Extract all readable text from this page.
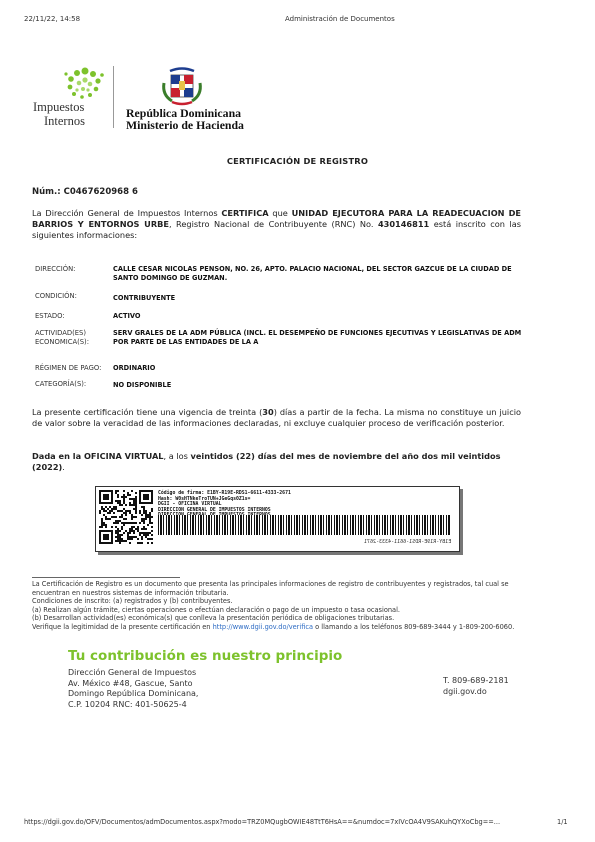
22/11/22, 14:58	Administración de Documentos
Impuestos
Internos
República Dominicana
Ministerio de Hacienda
CERTIFICACIÓN DE REGISTRO
Núm.: C0467620968 6
La Dirección General de Impuestos Internos CERTIFICA que UNIDAD EJECUTORA PARA LA READECUACION DE BARRIOS Y ENTORNOS URBE, Registro Nacional de Contribuyente (RNC) No. 430146811 está inscrito con las siguientes informaciones:
DIRECCIÓN:	CALLE CESAR NICOLAS PENSON, NO. 26, APTO. PALACIO NACIONAL, DEL SECTOR GAZCUE DE LA CIUDAD DE SANTO DOMINGO DE GUZMAN.
CONDICIÓN:	CONTRIBUYENTE
ESTADO:	ACTIVO
ACTIVIDAD(ES) ECONOMICA(S):
SERV GRALES DE LA ADM PÚBLICA (INCL. EL DESEMPEÑO DE FUNCIONES EJECUTIVAS Y LEGISLATIVAS DE ADM POR PARTE DE LAS ENTIDADES DE LA A
RÉGIMEN DE PAGO: ORDINARIO
CATEGORÍA(S):	NO DISPONIBLE
La presente certificación tiene una vigencia de treinta (30) días a partir de la fecha. La misma no constituye un juicio de valor sobre la veracidad de las informaciones declaradas, ni excluye cualquier proceso de verificación posterior.
Dada en la OFICINA VIRTUAL, a los veintidos (22) días del mes de noviembre del año dos mil veintidos (2022).
Código de firma: E1BY-R19E-RDS1-6611-4333-2671
Hash: W0sHTNkeTroTUN+JGeGqs0Z1s=
DGII - OFICINA VIRTUAL
DIRECCION GENERAL DE IMPUESTOS INTERNOS
E1BY-R19E-RDS1-6611-4333-2671
La Certificación de Registro es un documento que presenta las principales informaciones de registro de contribuyentes y registrados, tal cual se encuentran en nuestros sistemas de información tributaria.
Condiciones de inscrito: (a) registrados y (b) contribuyentes.
(a) Realizan algún trámite, ciertas operaciones o efectúan declaración o pago de un impuesto o tasa ocasional.
(b) Desarrollan actividad(es) económica(s) que conlleva la presentación periódica de obligaciones tributarias.
Verifique la legitimidad de la presente certificación en http://www.dgii.gov.do/verifica o llamando a los teléfonos 809-689-3444 y 1-809-200-6060.
Tu contribución es nuestro principio
Dirección General de Impuestos
Av. México #48, Gascue, Santo
Domingo República Dominicana,
C.P. 10204 RNC: 401-50625-4
T. 809-689-2181
dgii.gov.do
https://dgii.gov.do/OFV/Documentos/admDocumentos.aspx?modo=TRZ0MQugbOWIE48TtT6HsA==&numdoc=7xIVcOA4V9SAKuhQYXoCbg==...	1/1
